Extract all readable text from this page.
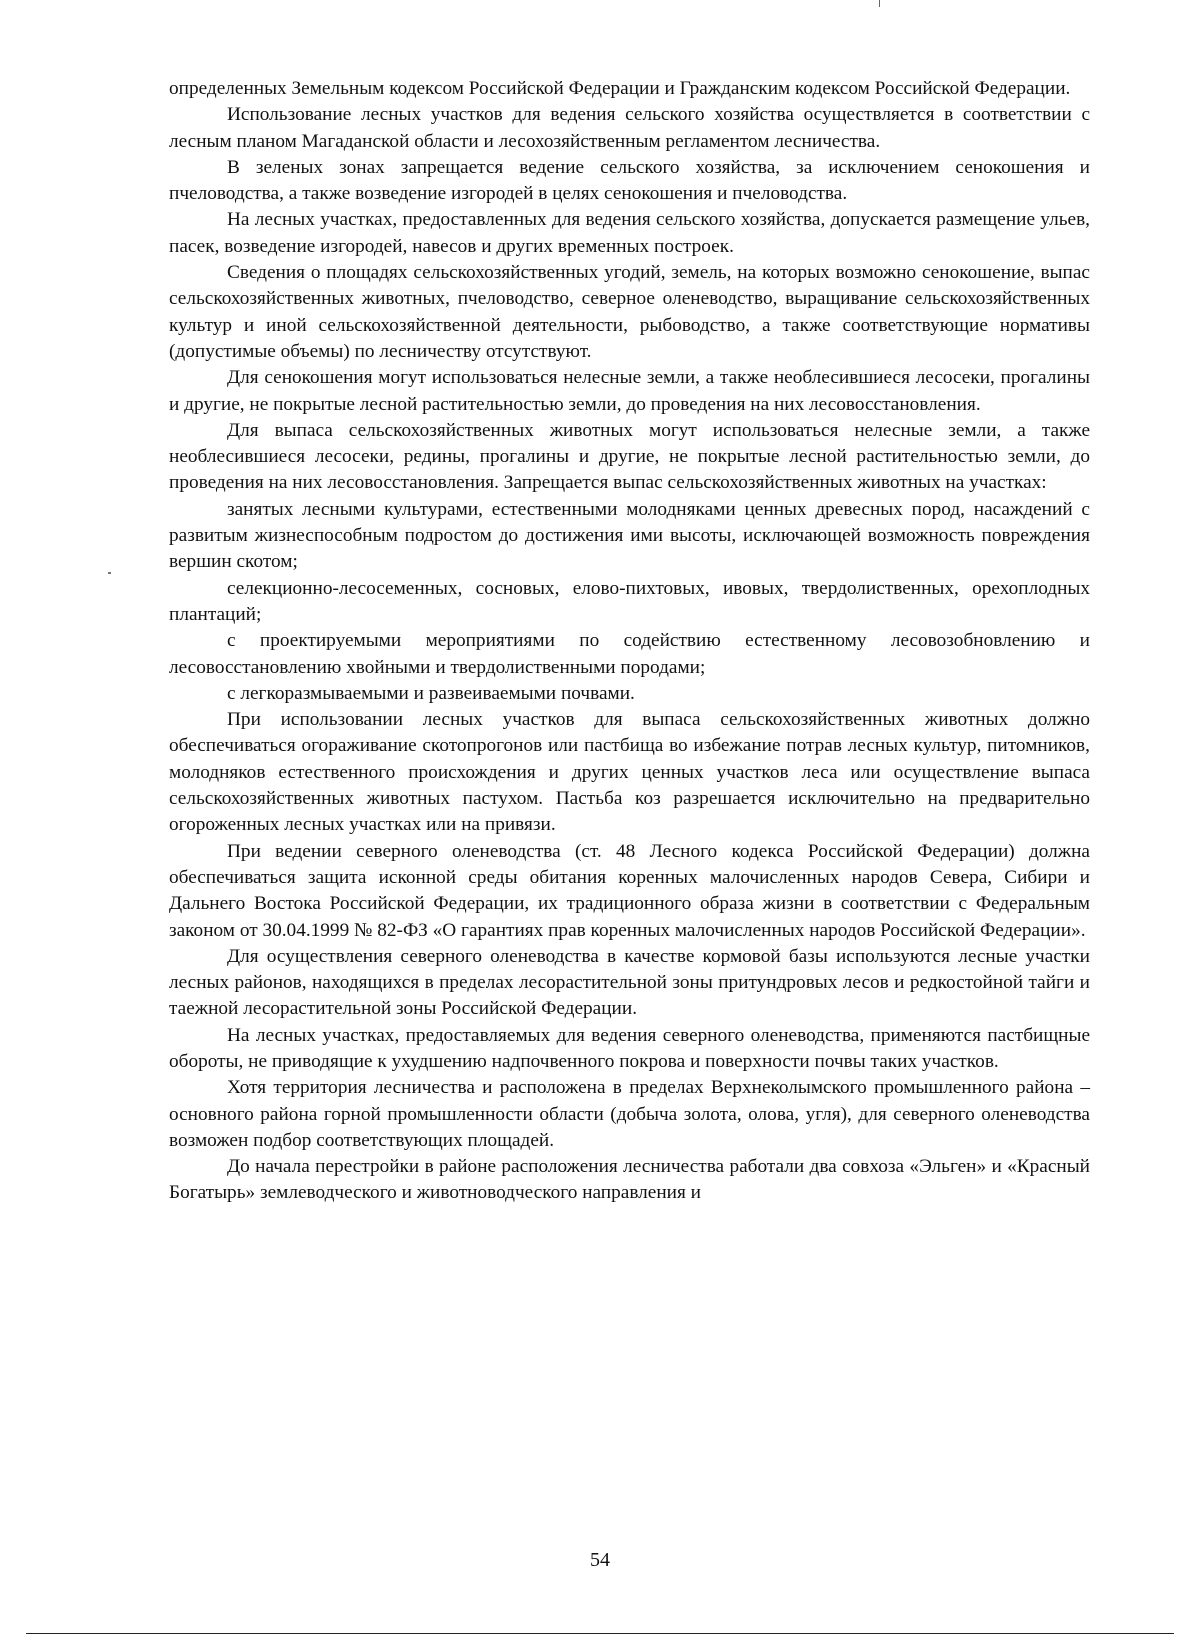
определенных Земельным кодексом Российской Федерации и Гражданским кодексом Российской Федерации.

Использование лесных участков для ведения сельского хозяйства осуществляется в соответствии с лесным планом Магаданской области и лесохозяйственным регламентом лесничества.

В зеленых зонах запрещается ведение сельского хозяйства, за исключением сенокошения и пчеловодства, а также возведение изгородей в целях сенокошения и пчеловодства.

На лесных участках, предоставленных для ведения сельского хозяйства, допускается размещение ульев, пасек, возведение изгородей, навесов и других временных построек.

Сведения о площадях сельскохозяйственных угодий, земель, на которых возможно сенокошение, выпас сельскохозяйственных животных, пчеловодство, северное оленеводство, выращивание сельскохозяйственных культур и иной сельскохозяйственной деятельности, рыбоводство, а также соответствующие нормативы (допустимые объемы) по лесничеству отсутствуют.

Для сенокошения могут использоваться нелесные земли, а также необлесившиеся лесосеки, прогалины и другие, не покрытые лесной растительностью земли, до проведения на них лесовосстановления.

Для выпаса сельскохозяйственных животных могут использоваться нелесные земли, а также необлесившиеся лесосеки, редины, прогалины и другие, не покрытые лесной растительностью земли, до проведения на них лесовосстановления. Запрещается выпас сельскохозяйственных животных на участках:

занятых лесными культурами, естественными молодняками ценных древесных пород, насаждений с развитым жизнеспособным подростом до достижения ими высоты, исключающей возможность повреждения вершин скотом;

селекционно-лесосеменных, сосновых, елово-пихтовых, ивовых, твердолиственных, орехоплодных плантаций;

с проектируемыми мероприятиями по содействию естественному лесовозобновлению и лесовосстановлению хвойными и твердолиственными породами;

с легкоразмываемыми и развеиваемыми почвами.

При использовании лесных участков для выпаса сельскохозяйственных животных должно обеспечиваться огораживание скотопрогонов или пастбища во избежание потрав лесных культур, питомников, молодняков естественного происхождения и других ценных участков леса или осуществление выпаса сельскохозяйственных животных пастухом. Пастьба коз разрешается исключительно на предварительно огороженных лесных участках или на привязи.

При ведении северного оленеводства (ст. 48 Лесного кодекса Российской Федерации) должна обеспечиваться защита исконной среды обитания коренных малочисленных народов Севера, Сибири и Дальнего Востока Российской Федерации, их традиционного образа жизни в соответствии с Федеральным законом от 30.04.1999 № 82-ФЗ «О гарантиях прав коренных малочисленных народов Российской Федерации».

Для осуществления северного оленеводства в качестве кормовой базы используются лесные участки лесных районов, находящихся в пределах лесорастительной зоны притундровых лесов и редкостойной тайги и таежной лесорастительной зоны Российской Федерации.

На лесных участках, предоставляемых для ведения северного оленеводства, применяются пастбищные обороты, не приводящие к ухудшению надпочвенного покрова и поверхности почвы таких участков.

Хотя территория лесничества и расположена в пределах Верхнеколымского промышленного района – основного района горной промышленности области (добыча золота, олова, угля), для северного оленеводства возможен подбор соответствующих площадей.

До начала перестройки в районе расположения лесничества работали два совхоза «Эльген» и «Красный Богатырь» землеводческого и животноводческого направления и

54
